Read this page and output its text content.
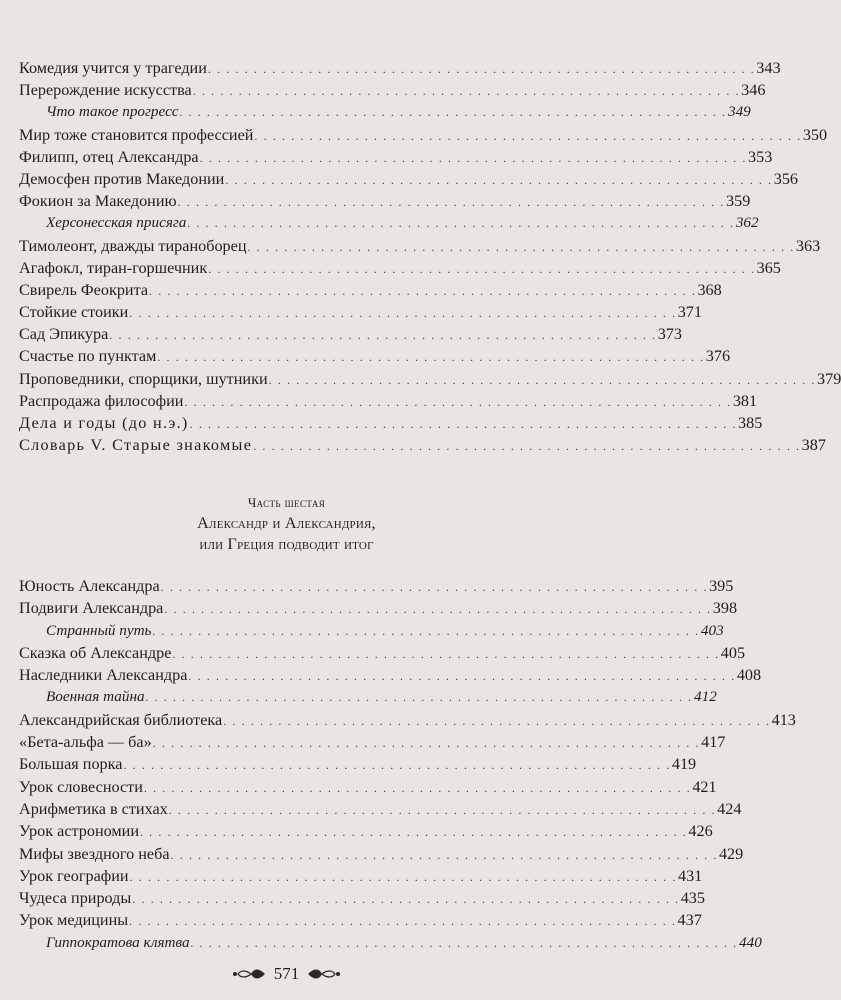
Комедия учится у трагедии . . . . . . . . . . . . . . . . . . . . . . . . . . . . . . . . . . . . . . . . . . . . . . . . . . . . . . . . . . . . 343
Перерождение искусства . . . . . . . . . . . . . . . . . . . . . . . . . . . . . . . . . . . . . . . . . . . . . . . . . . . . . . . . . . . . 346
Что такое прогресс . . . . . . . . . . . . . . . . . . . . . . . . . . . . . . . . . . . . . . . . . . . . . . . . . . . . . . . . . . . . 349
Мир тоже становится профессией . . . . . . . . . . . . . . . . . . . . . . . . . . . . . . . . . . . . . . . . . . . . . . . . . . . . . . . . . . . . 350
Филипп, отец Александра . . . . . . . . . . . . . . . . . . . . . . . . . . . . . . . . . . . . . . . . . . . . . . . . . . . . . . . . . . . . 353
Демосфен против Македонии . . . . . . . . . . . . . . . . . . . . . . . . . . . . . . . . . . . . . . . . . . . . . . . . . . . . . . . . . . . . 356
Фокион за Македонию . . . . . . . . . . . . . . . . . . . . . . . . . . . . . . . . . . . . . . . . . . . . . . . . . . . . . . . . . . . . 359
Херсонесская присяга . . . . . . . . . . . . . . . . . . . . . . . . . . . . . . . . . . . . . . . . . . . . . . . . . . . . . . . . . . . . 362
Тимолеонт, дважды тираноборец . . . . . . . . . . . . . . . . . . . . . . . . . . . . . . . . . . . . . . . . . . . . . . . . . . . . . . . . . . . . 363
Агафокл, тиран-горшечник . . . . . . . . . . . . . . . . . . . . . . . . . . . . . . . . . . . . . . . . . . . . . . . . . . . . . . . . . . . . 365
Свирель Феокрита . . . . . . . . . . . . . . . . . . . . . . . . . . . . . . . . . . . . . . . . . . . . . . . . . . . . . . . . . . . . 368
Стойкие стоики . . . . . . . . . . . . . . . . . . . . . . . . . . . . . . . . . . . . . . . . . . . . . . . . . . . . . . . . . . . . 371
Сад Эпикура . . . . . . . . . . . . . . . . . . . . . . . . . . . . . . . . . . . . . . . . . . . . . . . . . . . . . . . . . . . . 373
Счастье по пунктам . . . . . . . . . . . . . . . . . . . . . . . . . . . . . . . . . . . . . . . . . . . . . . . . . . . . . . . . . . . . 376
Проповедники, спорщики, шутники . . . . . . . . . . . . . . . . . . . . . . . . . . . . . . . . . . . . . . . . . . . . . . . . . . . . . . . . . . . . 379
Распродажа философии . . . . . . . . . . . . . . . . . . . . . . . . . . . . . . . . . . . . . . . . . . . . . . . . . . . . . . . . . . . . 381
Дела и годы (до н.э.) . . . . . . . . . . . . . . . . . . . . . . . . . . . . . . . . . . . . . . . . . . . . . . . . . . . . . . . . . . . . 385
Словарь V. Старые знакомые . . . . . . . . . . . . . . . . . . . . . . . . . . . . . . . . . . . . . . . . . . . . . . . . . . . . . . . . . . . . 387
Часть шестая
Александр и Александрия,
или Греция подводит итог
Юность Александра . . . . . . . . . . . . . . . . . . . . . . . . . . . . . . . . . . . . . . . . . . . . . . . . . . . . . . . . . . . . 395
Подвиги Александра . . . . . . . . . . . . . . . . . . . . . . . . . . . . . . . . . . . . . . . . . . . . . . . . . . . . . . . . . . . . 398
Странный путь . . . . . . . . . . . . . . . . . . . . . . . . . . . . . . . . . . . . . . . . . . . . . . . . . . . . . . . . . . . . 403
Сказка об Александре . . . . . . . . . . . . . . . . . . . . . . . . . . . . . . . . . . . . . . . . . . . . . . . . . . . . . . . . . . . . 405
Наследники Александра . . . . . . . . . . . . . . . . . . . . . . . . . . . . . . . . . . . . . . . . . . . . . . . . . . . . . . . . . . . . 408
Военная тайна . . . . . . . . . . . . . . . . . . . . . . . . . . . . . . . . . . . . . . . . . . . . . . . . . . . . . . . . . . . . 412
Александрийская библиотека . . . . . . . . . . . . . . . . . . . . . . . . . . . . . . . . . . . . . . . . . . . . . . . . . . . . . . . . . . . . 413
«Бета-альфа — ба» . . . . . . . . . . . . . . . . . . . . . . . . . . . . . . . . . . . . . . . . . . . . . . . . . . . . . . . . . . . . 417
Большая порка . . . . . . . . . . . . . . . . . . . . . . . . . . . . . . . . . . . . . . . . . . . . . . . . . . . . . . . . . . . . 419
Урок словесности . . . . . . . . . . . . . . . . . . . . . . . . . . . . . . . . . . . . . . . . . . . . . . . . . . . . . . . . . . . . 421
Арифметика в стихах . . . . . . . . . . . . . . . . . . . . . . . . . . . . . . . . . . . . . . . . . . . . . . . . . . . . . . . . . . . . 424
Урок астрономии . . . . . . . . . . . . . . . . . . . . . . . . . . . . . . . . . . . . . . . . . . . . . . . . . . . . . . . . . . . . 426
Мифы звездного неба . . . . . . . . . . . . . . . . . . . . . . . . . . . . . . . . . . . . . . . . . . . . . . . . . . . . . . . . . . . . 429
Урок географии . . . . . . . . . . . . . . . . . . . . . . . . . . . . . . . . . . . . . . . . . . . . . . . . . . . . . . . . . . . . 431
Чудеса природы . . . . . . . . . . . . . . . . . . . . . . . . . . . . . . . . . . . . . . . . . . . . . . . . . . . . . . . . . . . . 435
Урок медицины . . . . . . . . . . . . . . . . . . . . . . . . . . . . . . . . . . . . . . . . . . . . . . . . . . . . . . . . . . . . 437
Гиппократова клятва . . . . . . . . . . . . . . . . . . . . . . . . . . . . . . . . . . . . . . . . . . . . . . . . . . . . . . . . . . . . 440
571
